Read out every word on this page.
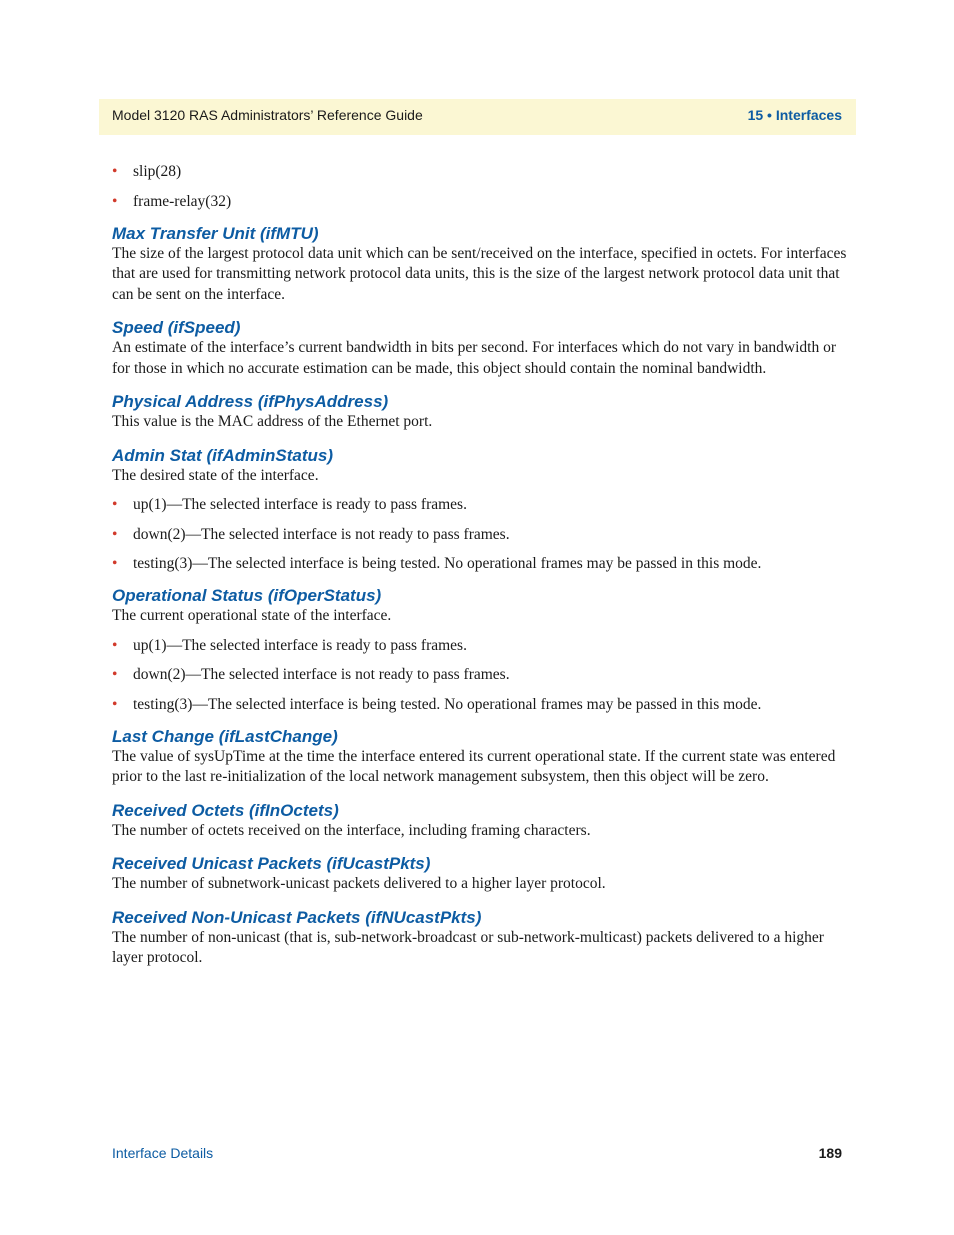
Model 3120 RAS Administrators’ Reference Guide	15 • Interfaces
• slip(28)
• frame-relay(32)
Max Transfer Unit (ifMTU)

The size of the largest protocol data unit which can be sent/received on the interface, specified in octets. For interfaces that are used for transmitting network protocol data units, this is the size of the largest network protocol data unit that can be sent on the interface.

Speed (ifSpeed)

An estimate of the interface’s current bandwidth in bits per second. For interfaces which do not vary in bandwidth or for those in which no accurate estimation can be made, this object should contain the nominal bandwidth.

Physical Address (ifPhysAddress)

This value is the MAC address of the Ethernet port.

Admin Stat (ifAdminStatus)

The desired state of the interface.

• up(1)—The selected interface is ready to pass frames.
• down(2)—The selected interface is not ready to pass frames.
• testing(3)—The selected interface is being tested. No operational frames may be passed in this mode.
Operational Status (ifOperStatus)

The current operational state of the interface.

• up(1)—The selected interface is ready to pass frames.
• down(2)—The selected interface is not ready to pass frames.
• testing(3)—The selected interface is being tested. No operational frames may be passed in this mode.
Last Change (ifLastChange)

The value of sysUpTime at the time the interface entered its current operational state. If the current state was entered prior to the last re-initialization of the local network management subsystem, then this object will be zero.

Received Octets (ifInOctets)

The number of octets received on the interface, including framing characters.

Received Unicast Packets (ifUcastPkts)

The number of subnetwork-unicast packets delivered to a higher layer protocol.

Received Non-Unicast Packets (ifNUcastPkts)

The number of non-unicast (that is, sub-network-broadcast or sub-network-multicast) packets delivered to a higher layer protocol.

Interface Details	189
